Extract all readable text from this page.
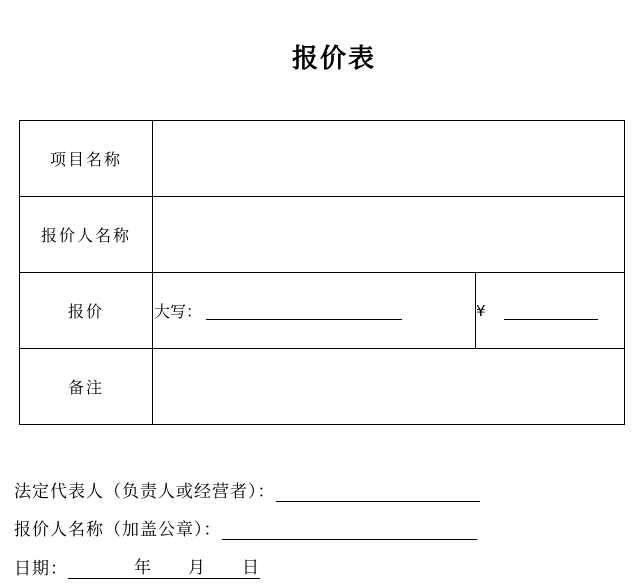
报价表
项目名称	
报价人名称	
报价	大写： ¥

备注	
法定代表人（负责人或经营者）：
报价人名称（加盖公章）：
日期：	年 月 日
